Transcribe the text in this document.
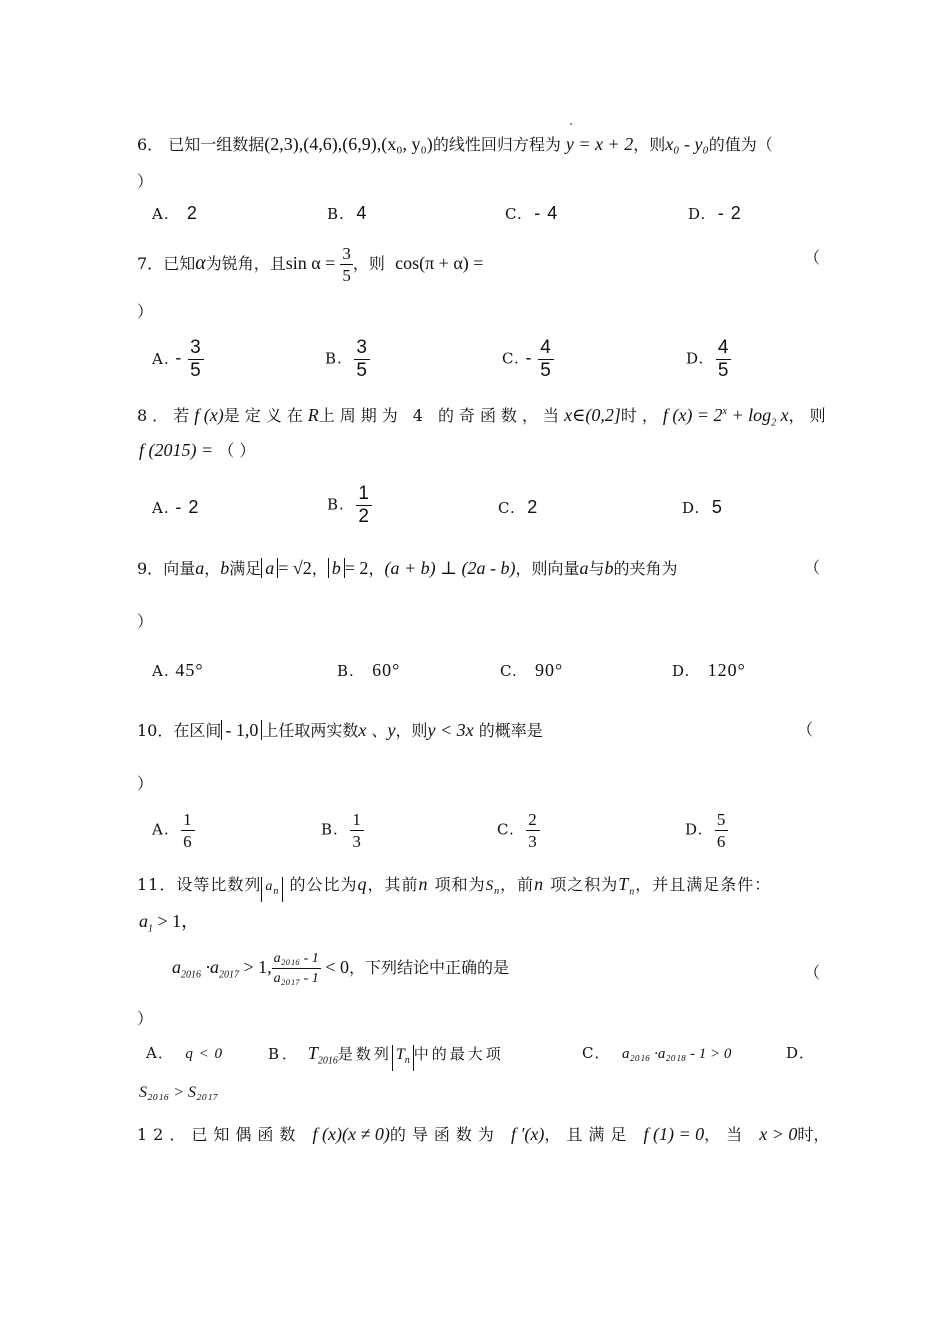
6． 已知一组数据(2,3),(4,6),(6,9),(x₀, y₀)的线性回归方程为
ˆ
y = x + 2，则x₀ - y₀的值为（
）
A. 2	B. 4	C. - 4	D. - 2
7．已知α为锐角，且$\sin \alpha = \frac{3}{5}$ ，则 cos(π + α) =	（
）
A. - $\frac{3}{5}$	B. $\frac{3}{5}$	C. - $\frac{4}{5}$	D. $\frac{4}{5}$
8．若f (x)是定义在R上周期为 4 的奇函数，当x∈(0,2]时，f $(x) = 2^x + \log_2 x$，则
f (2015) = （ ）
A. - 2	B. $\frac{1}{2}$	C. 2	D. 5
9．向量a，b满足 a = √2， b = 2，(a + b) ⊥ (2a - b)，则向量a与b的夹角为	（
）
A. 45°	B. 60°	C. 90°	D. 120°
10．在区间 - 1,0 上任取两实数x 、y，则y < 3x 的概率是	（
）
A. $\frac{1}{6}$	B. $\frac{1}{3}$	C. $\frac{2}{3}$	D. $\frac{5}{6}$
11．设等比数列 $a_n$ 的公比为q，其前n 项和为$S_n$，前n 项之积为$T_n$，并且满足条件：
$a_1 > 1$，
$a_{2016} \cdot a_{2017} > 1$, $\frac{\text{a₂₀₁₆ - 1}}{\text{a₂₀₁₇ - 1}} < 0$，下列结论中正确的是	（
）
A． q < 0	B． $T_{2016}$是数列 $T_n$ 中的最大项	C． a₂₀₁₆ ·a₂₀₁₈ - 1 > 0	D．
S₂₀₁₆ > S₂₀₁₇
12．已知偶函数 f (x)(x ≠ 0)的导函数为 f ′(x)，且满足 f (1) = 0，当 x > 0时，
